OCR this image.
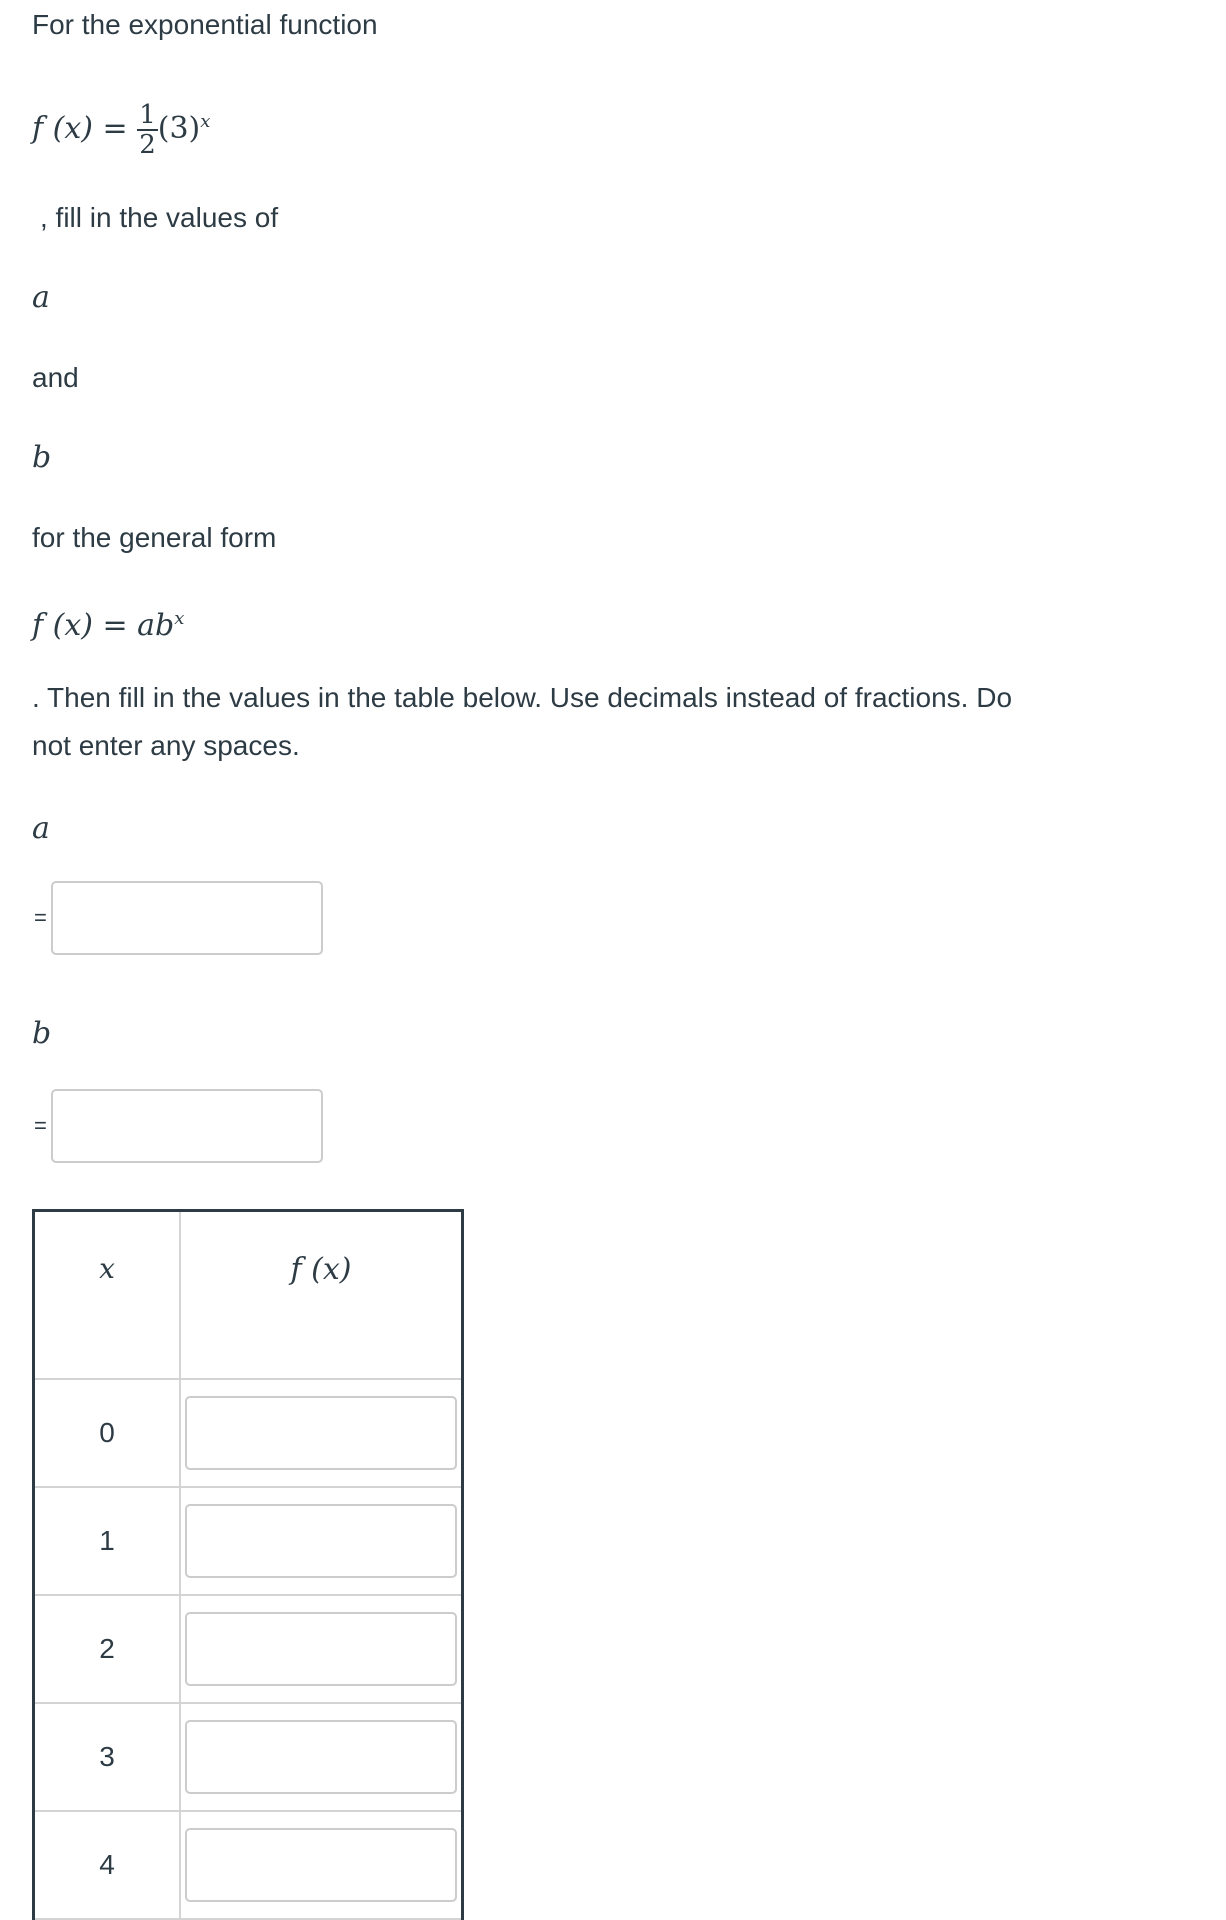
For the exponential function
f $(x) = \frac{1}{2} (3)^x$
, fill in the values of
a
and
b
for the general form
f $(x) = ab^x$
. Then fill in the values in the table below. Use decimals instead of fractions. Do
not enter any spaces.
a
=
b
=
x	f (x)
0	

1	

2	

3	

4	
